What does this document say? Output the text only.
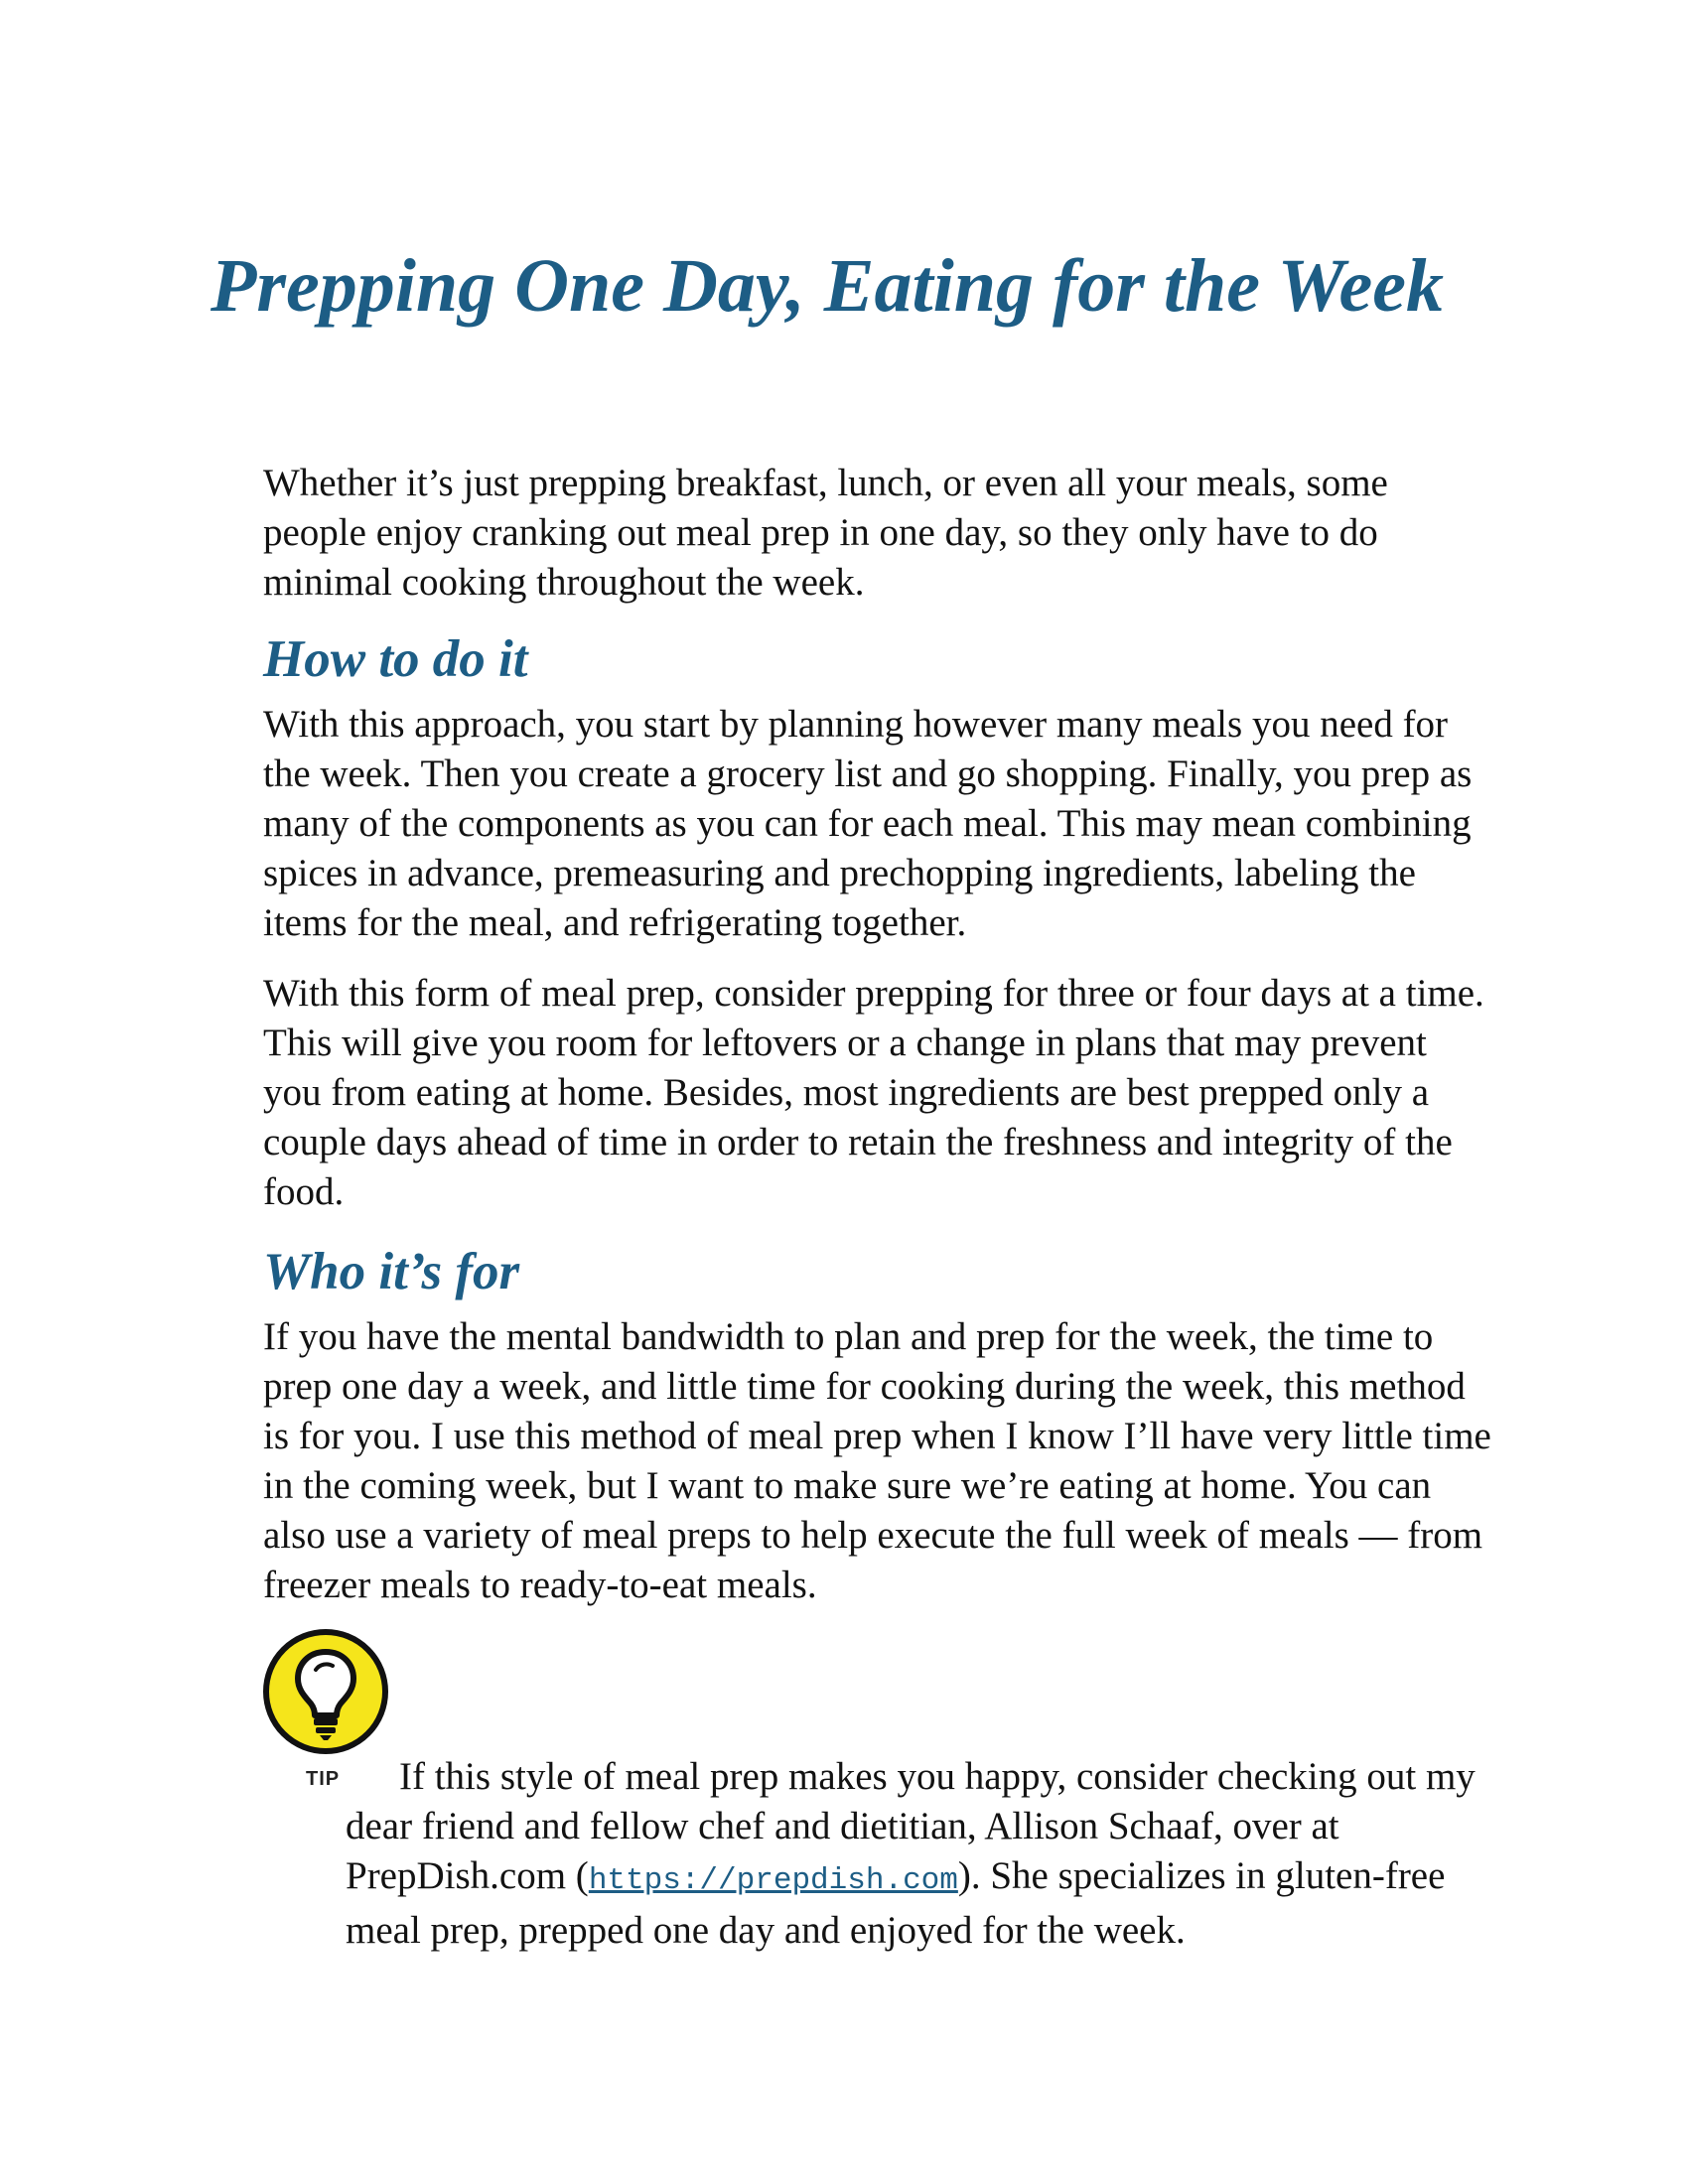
Prepping One Day, Eating for the Week

Whether it’s just prepping breakfast, lunch, or even all your meals, some people enjoy cranking out meal prep in one day, so they only have to do minimal cooking throughout the week.

How to do it

With this approach, you start by planning however many meals you need for the week. Then you create a grocery list and go shopping. Finally, you prep as many of the components as you can for each meal. This may mean combining spices in advance, premeasuring and prechopping ingredients, labeling the items for the meal, and refrigerating together.

With this form of meal prep, consider prepping for three or four days at a time. This will give you room for leftovers or a change in plans that may prevent you from eating at home. Besides, most ingredients are best prepped only a couple days ahead of time in order to retain the freshness and integrity of the food.

Who it’s for

If you have the mental bandwidth to plan and prep for the week, the time to prep one day a week, and little time for cooking during the week, this method is for you. I use this method of meal prep when I know I’ll have very little time in the coming week, but I want to make sure we’re eating at home. You can also use a variety of meal preps to help execute the full week of meals — from freezer meals to ready-to-eat meals.

TIP	If this style of meal prep makes you happy, consider checking out my dear friend and fellow chef and dietitian, Allison Schaaf, over at PrepDish.com (https://prepdish.com). She specializes in gluten-free meal prep, prepped one day and enjoyed for the week.
